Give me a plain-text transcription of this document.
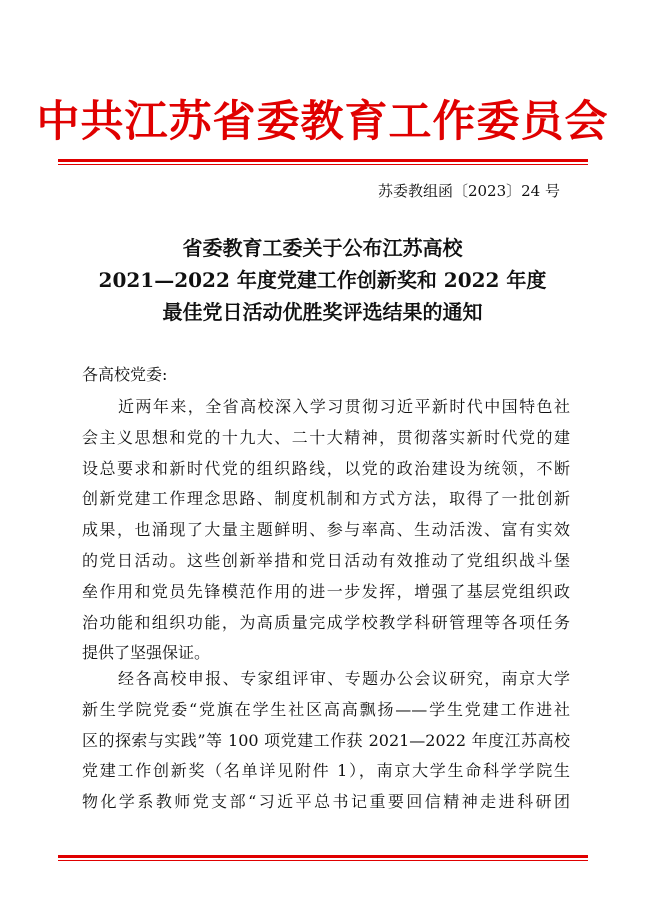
中共江苏省委教育工作委员会
苏委教组函〔2023〕24 号
省委教育工委关于公布江苏高校
2021—2022 年度党建工作创新奖和 2022 年度
最佳党日活动优胜奖评选结果的通知
各高校党委:
近两年来，全省高校深入学习贯彻习近平新时代中国特色社
会主义思想和党的十九大、二十大精神，贯彻落实新时代党的建
设总要求和新时代党的组织路线，以党的政治建设为统领，不断
创新党建工作理念思路、制度机制和方式方法，取得了一批创新
成果，也涌现了大量主题鲜明、参与率高、生动活泼、富有实效
的党日活动。这些创新举措和党日活动有效推动了党组织战斗堡
垒作用和党员先锋模范作用的进一步发挥，增强了基层党组织政
治功能和组织功能，为高质量完成学校教学科研管理等各项任务
提供了坚强保证。
经各高校申报、专家组评审、专题办公会议研究，南京大学
新生学院党委“党旗在学生社区高高飘扬——学生党建工作进社
区的探索与实践”等 100 项党建工作获 2021—2022 年度江苏高校
党建工作创新奖（名单详见附件 1），南京大学生命科学学院生
物化学系教师党支部“习近平总书记重要回信精神走进科研团
